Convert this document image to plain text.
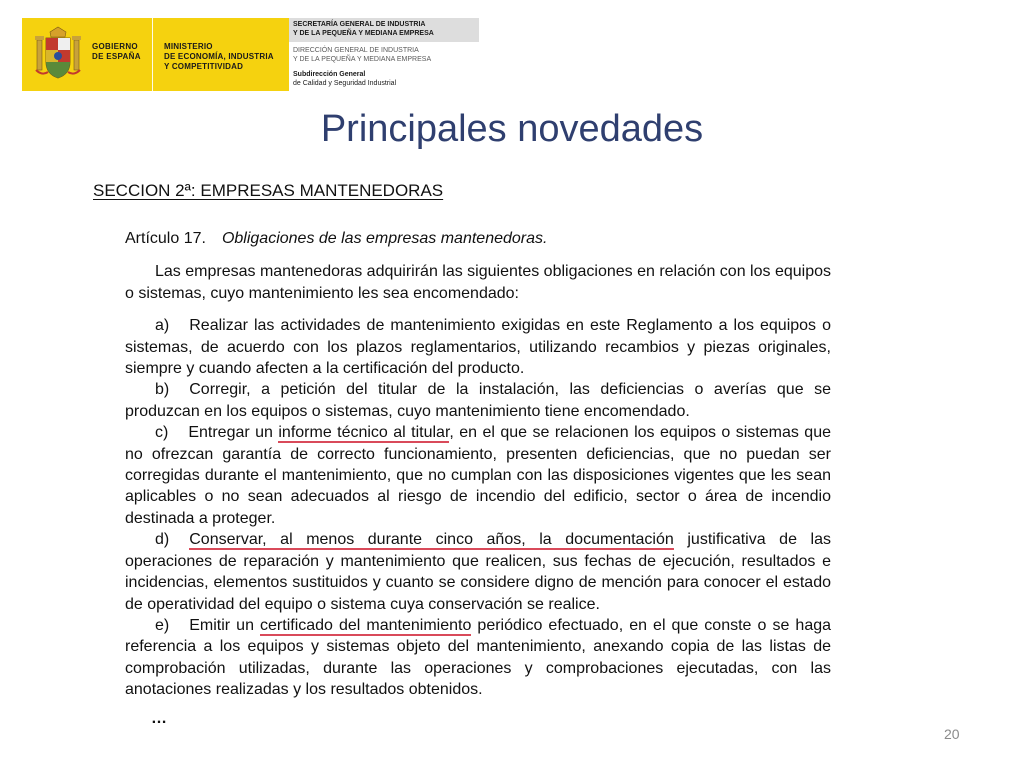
GOBIERNO
DE ESPAÑA
MINISTERIO
DE ECONOMÍA, INDUSTRIA
Y COMPETITIVIDAD
SECRETARÍA GENERAL DE INDUSTRIA
Y DE LA PEQUEÑA Y MEDIANA EMPRESA
DIRECCIÓN GENERAL DE INDUSTRIA
Y DE LA PEQUEÑA Y MEDIANA EMPRESA
Subdirección General
de Calidad y Seguridad Industrial
Principales novedades
SECCION 2ª: EMPRESAS MANTENEDORAS

Artículo 17. Obligaciones de las empresas mantenedoras.

Las empresas mantenedoras adquirirán las siguientes obligaciones en relación con los equipos o sistemas, cuyo mantenimiento les sea encomendado:

a) Realizar las actividades de mantenimiento exigidas en este Reglamento a los equipos o sistemas, de acuerdo con los plazos reglamentarios, utilizando recambios y piezas originales, siempre y cuando afecten a la certificación del producto.

b) Corregir, a petición del titular de la instalación, las deficiencias o averías que se produzcan en los equipos o sistemas, cuyo mantenimiento tiene encomendado.

c) Entregar un informe técnico al titular, en el que se relacionen los equipos o sistemas que no ofrezcan garantía de correcto funcionamiento, presenten deficiencias, que no puedan ser corregidas durante el mantenimiento, que no cumplan con las disposiciones vigentes que les sean aplicables o no sean adecuados al riesgo de incendio del edificio, sector o área de incendio destinada a proteger.

d) Conservar, al menos durante cinco años, la documentación justificativa de las operaciones de reparación y mantenimiento que realicen, sus fechas de ejecución, resultados e incidencias, elementos sustituidos y cuanto se considere digno de mención para conocer el estado de operatividad del equipo o sistema cuya conservación se realice.

e) Emitir un certificado del mantenimiento periódico efectuado, en el que conste o se haga referencia a los equipos y sistemas objeto del mantenimiento, anexando copia de las listas de comprobación utilizadas, durante las operaciones y comprobaciones ejecutadas, con las anotaciones realizadas y los resultados obtenidos.

…
20
